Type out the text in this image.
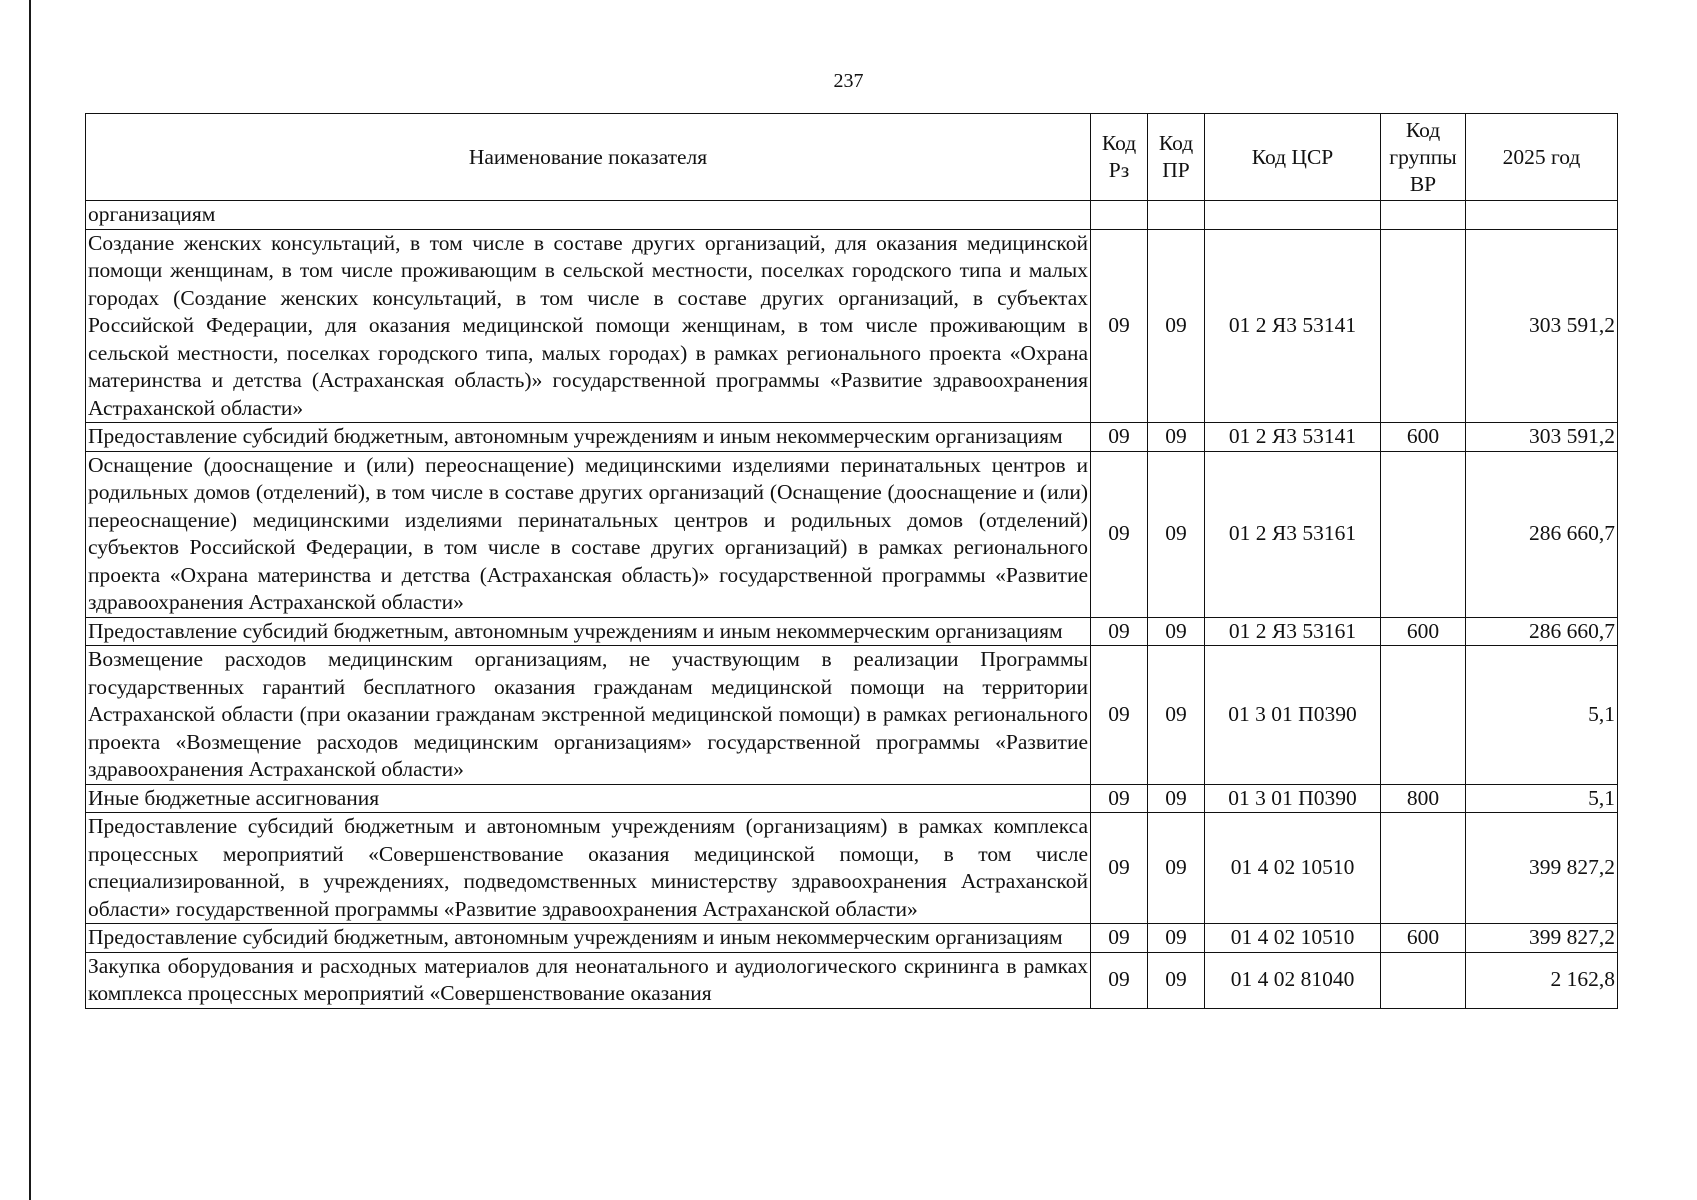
237
Наименование показателя	Код Рз	Код ПР	Код ЦСР	Код группы ВР	2025 год
организациям					
Создание женских консультаций, в том числе в составе других организаций, для оказания медицинской помощи женщинам, в том числе проживающим в сельской местности, поселках городского типа и малых городах (Создание женских консультаций, в том числе в составе других организаций, в субъектах Российской Федерации, для оказания медицинской помощи женщинам, в том числе проживающим в сельской местности, поселках городского типа, малых городах) в рамках регионального проекта «Охрана материнства и детства (Астраханская область)» государственной программы «Развитие здравоохранения Астраханской области»	09	09	01 2 Я3 53141		303 591,2
Предоставление субсидий бюджетным, автономным учреждениям и иным некоммерческим организациям	09	09	01 2 Я3 53141	600	303 591,2
Оснащение (дооснащение и (или) переоснащение) медицинскими изделиями перинатальных центров и родильных домов (отделений), в том числе в составе других организаций (Оснащение (дооснащение и (или) переоснащение) медицинскими изделиями перинатальных центров и родильных домов (отделений) субъектов Российской Федерации, в том числе в составе других организаций) в рамках регионального проекта «Охрана материнства и детства (Астраханская область)» государственной программы «Развитие здравоохранения Астраханской области»	09	09	01 2 Я3 53161		286 660,7
Предоставление субсидий бюджетным, автономным учреждениям и иным некоммерческим организациям	09	09	01 2 Я3 53161	600	286 660,7
Возмещение расходов медицинским организациям, не участвующим в реализации Программы государственных гарантий бесплатного оказания гражданам медицинской помощи на территории Астраханской области (при оказании гражданам экстренной медицинской помощи) в рамках регионального проекта «Возмещение расходов медицинским организациям» государственной программы «Развитие здравоохранения Астраханской области»	09	09	01 3 01 П0390		5,1
Иные бюджетные ассигнования	09	09	01 3 01 П0390	800	5,1
Предоставление субсидий бюджетным и автономным учреждениям (организациям) в рамках комплекса процессных мероприятий «Совершенствование оказания медицинской помощи, в том числе специализированной, в учреждениях, подведомственных министерству здравоохранения Астраханской области» государственной программы «Развитие здравоохранения Астраханской области»	09	09	01 4 02 10510		399 827,2
Предоставление субсидий бюджетным, автономным учреждениям и иным некоммерческим организациям	09	09	01 4 02 10510	600	399 827,2
Закупка оборудования и расходных материалов для неонатального и аудиологического скрининга в рамках комплекса процессных мероприятий «Совершенствование оказания	09	09	01 4 02 81040		2 162,8
